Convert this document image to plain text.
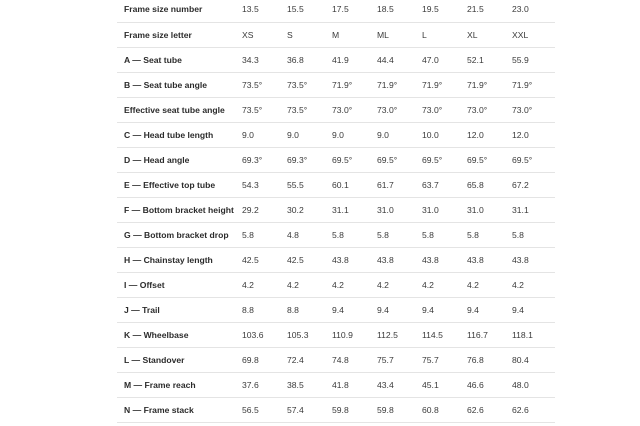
Frame size number	13.5	15.5	17.5	18.5	19.5	21.5	23.0
Frame size letter	XS	S	M	ML	L	XL	XXL
A — Seat tube	34.3	36.8	41.9	44.4	47.0	52.1	55.9
B — Seat tube angle	73.5°	73.5°	71.9°	71.9°	71.9°	71.9°	71.9°
Effective seat tube angle	73.5°	73.5°	73.0°	73.0°	73.0°	73.0°	73.0°
C — Head tube length	9.0	9.0	9.0	9.0	10.0	12.0	12.0
D — Head angle	69.3°	69.3°	69.5°	69.5°	69.5°	69.5°	69.5°
E — Effective top tube	54.3	55.5	60.1	61.7	63.7	65.8	67.2
F — Bottom bracket height	29.2	30.2	31.1	31.0	31.0	31.0	31.1
G — Bottom bracket drop	5.8	4.8	5.8	5.8	5.8	5.8	5.8
H — Chainstay length	42.5	42.5	43.8	43.8	43.8	43.8	43.8
I — Offset	4.2	4.2	4.2	4.2	4.2	4.2	4.2
J — Trail	8.8	8.8	9.4	9.4	9.4	9.4	9.4
K — Wheelbase	103.6	105.3	110.9	112.5	114.5	116.7	118.1
L — Standover	69.8	72.4	74.8	75.7	75.7	76.8	80.4
M — Frame reach	37.6	38.5	41.8	43.4	45.1	46.6	48.0
N — Frame stack	56.5	57.4	59.8	59.8	60.8	62.6	62.6
